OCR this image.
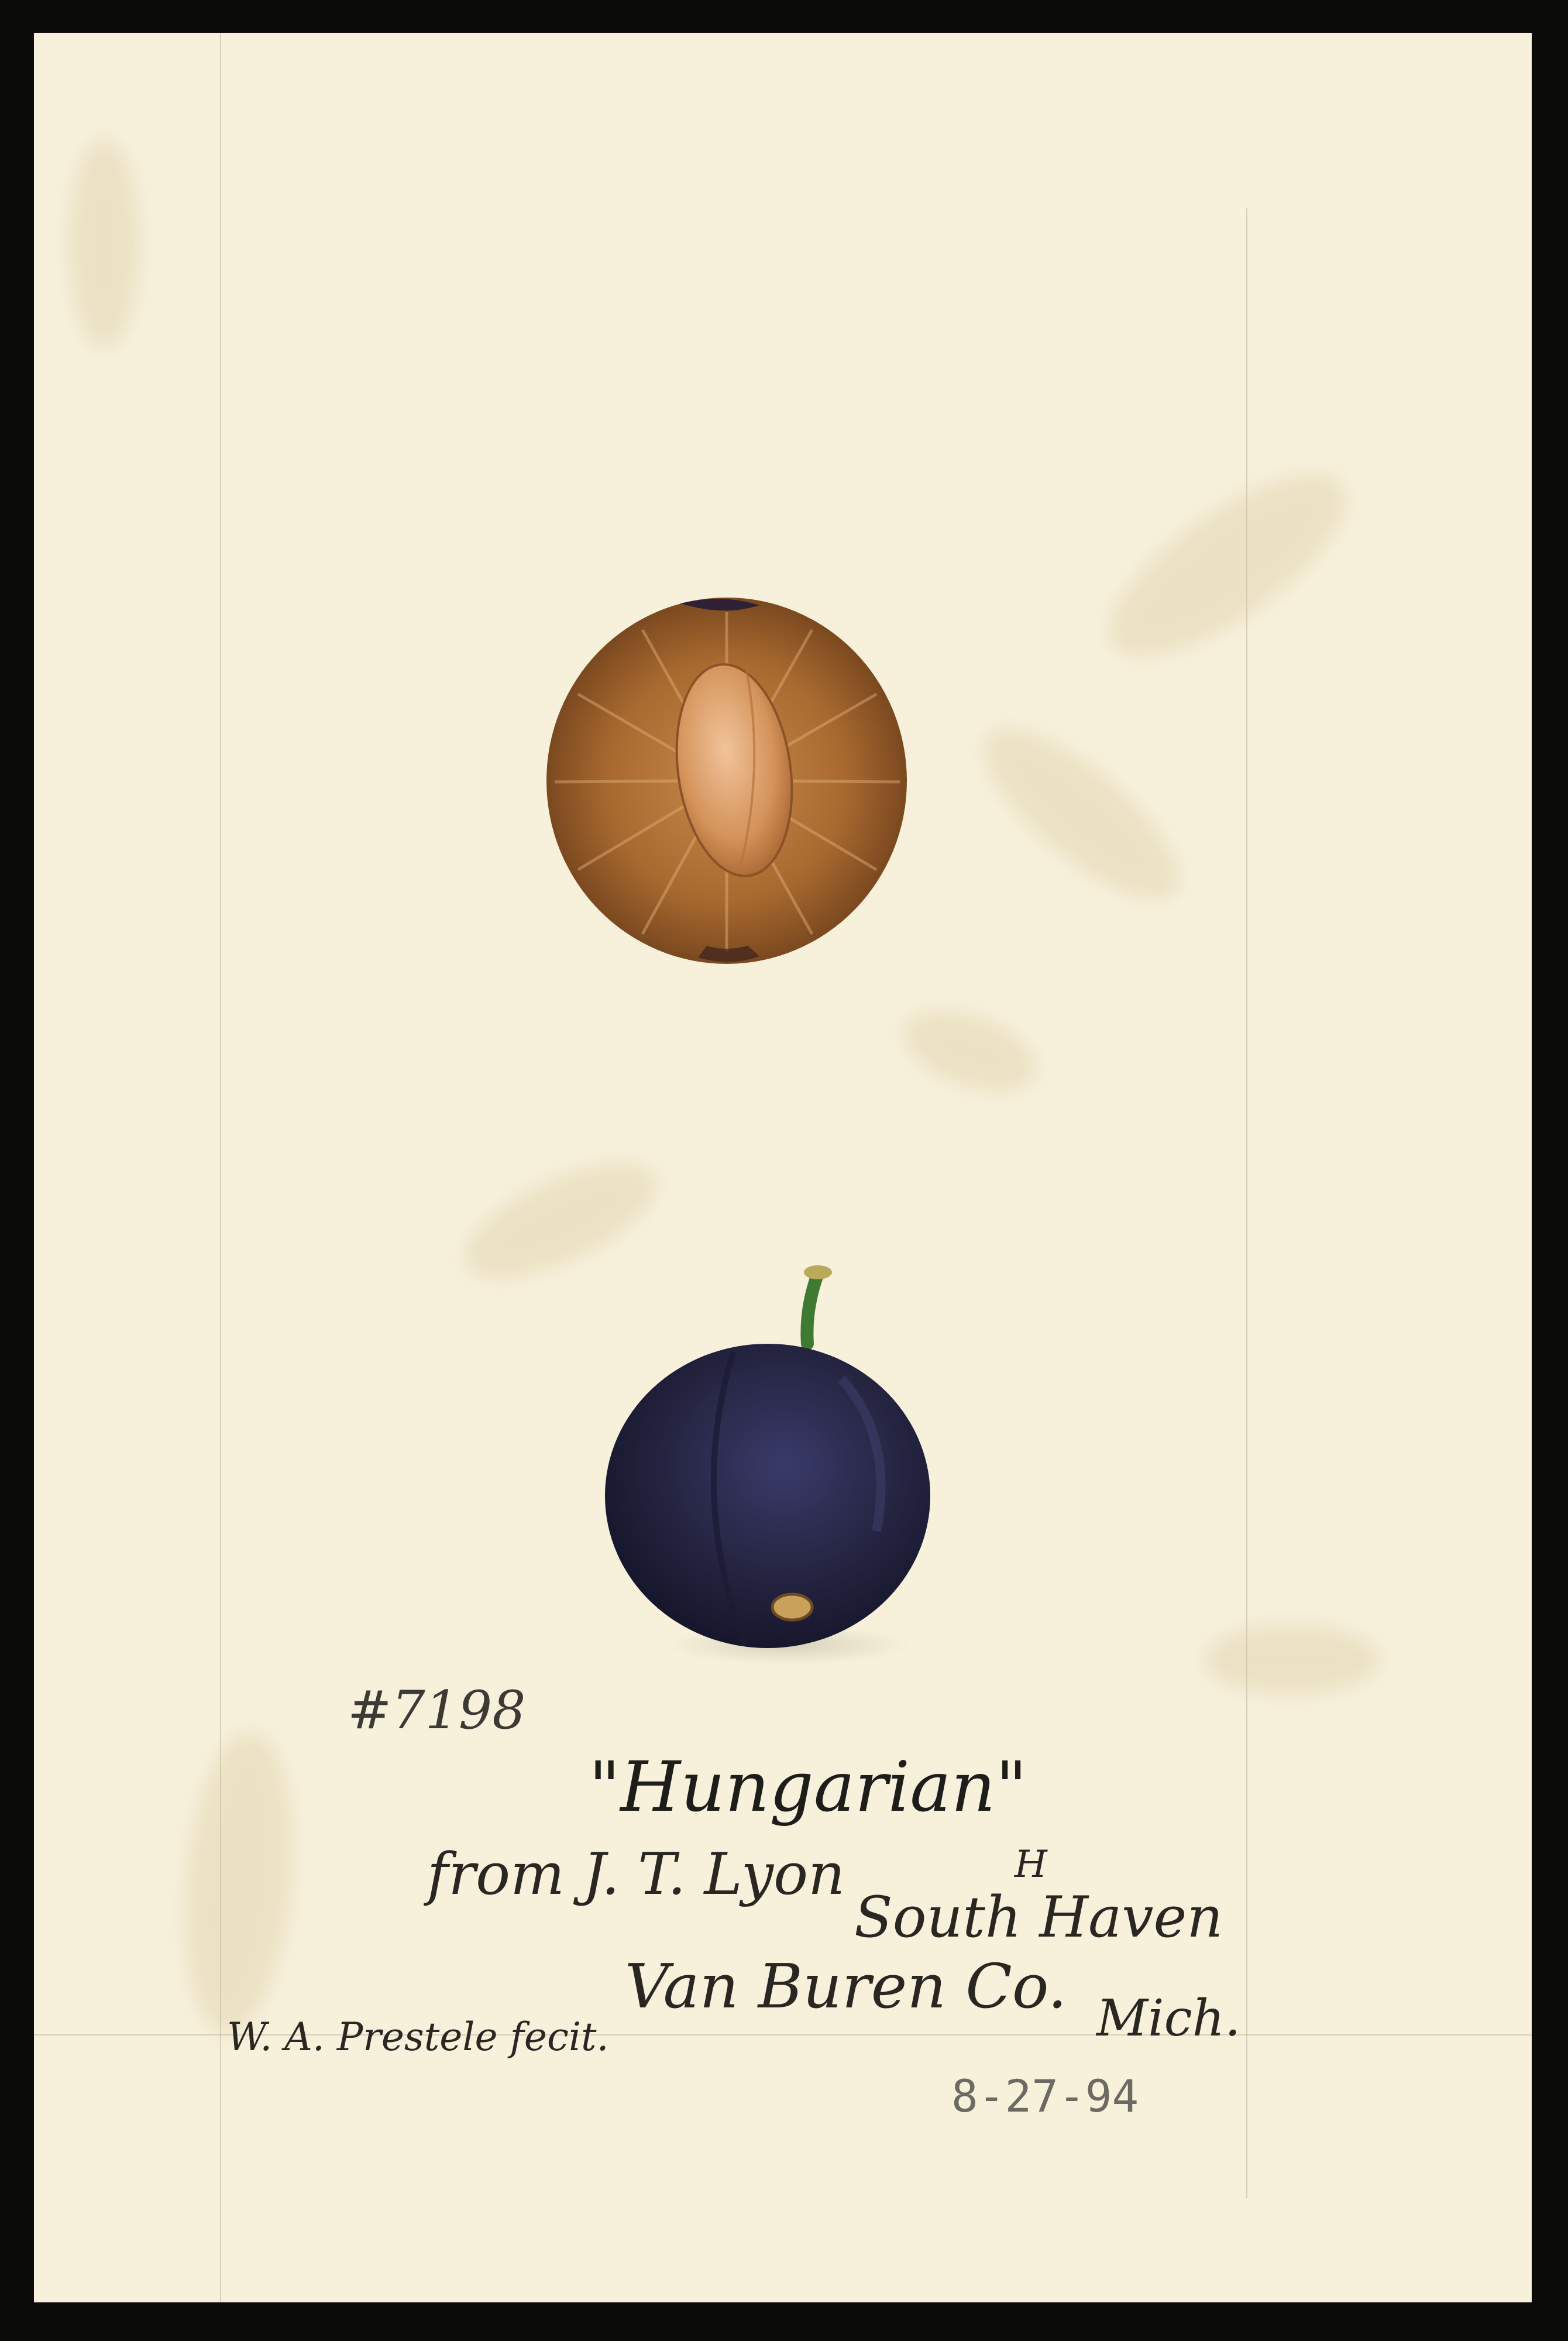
#7198
"Hungarian"
from J. T. Lyon	H
South Haven
Van Buren Co. Mich.
W. A. Prestele fecit.
8-27-94
